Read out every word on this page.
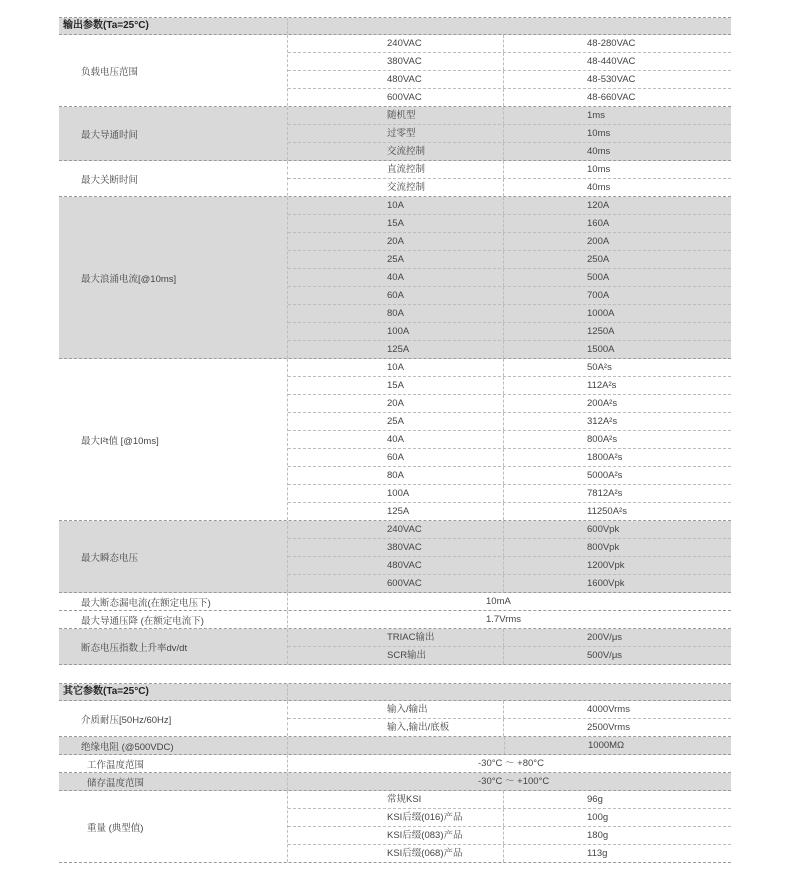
输出参数(Ta=25°C)
负载电压范围
240VAC	48-280VAC
380VAC	48-440VAC
480VAC	48-530VAC
600VAC	48-660VAC
最大导通时间
随机型	1ms
过零型	10ms
交流控制	40ms
最大关断时间
直流控制	10ms
交流控制	40ms
最大浪涌电流[@10ms]
10A	120A
15A	160A
20A	200A
25A	250A
40A	500A
60A	700A
80A	1000A
100A	1250A
125A	1500A
最大I²t值 [@10ms]
10A	50A²s
15A	112A²s
20A	200A²s
25A	312A²s
40A	800A²s
60A	1800A²s
80A	5000A²s
100A	7812A²s
125A	11250A²s
最大瞬态电压
240VAC	600Vpk
380VAC	800Vpk
480VAC	1200Vpk
600VAC	1600Vpk
最大断态漏电流(在额定电压下)	10mA
最大导通压降 (在额定电流下)	1.7Vrms
断态电压指数上升率dv/dt
TRIAC输出	200V/μs
SCR输出	500V/μs
其它参数(Ta=25°C)
介质耐压[50Hz/60Hz]
输入/输出	4000Vrms
输入,输出/底板	2500Vrms
绝缘电阻 (@500VDC)	1000MΩ
工作温度范围	-30°C ～ +80°C
储存温度范围	-30°C ～ +100°C
重量 (典型值)
常规KSI	96g
KSI后缀(016)产品	100g
KSI后缀(083)产品	180g
KSI后缀(068)产品	113g
